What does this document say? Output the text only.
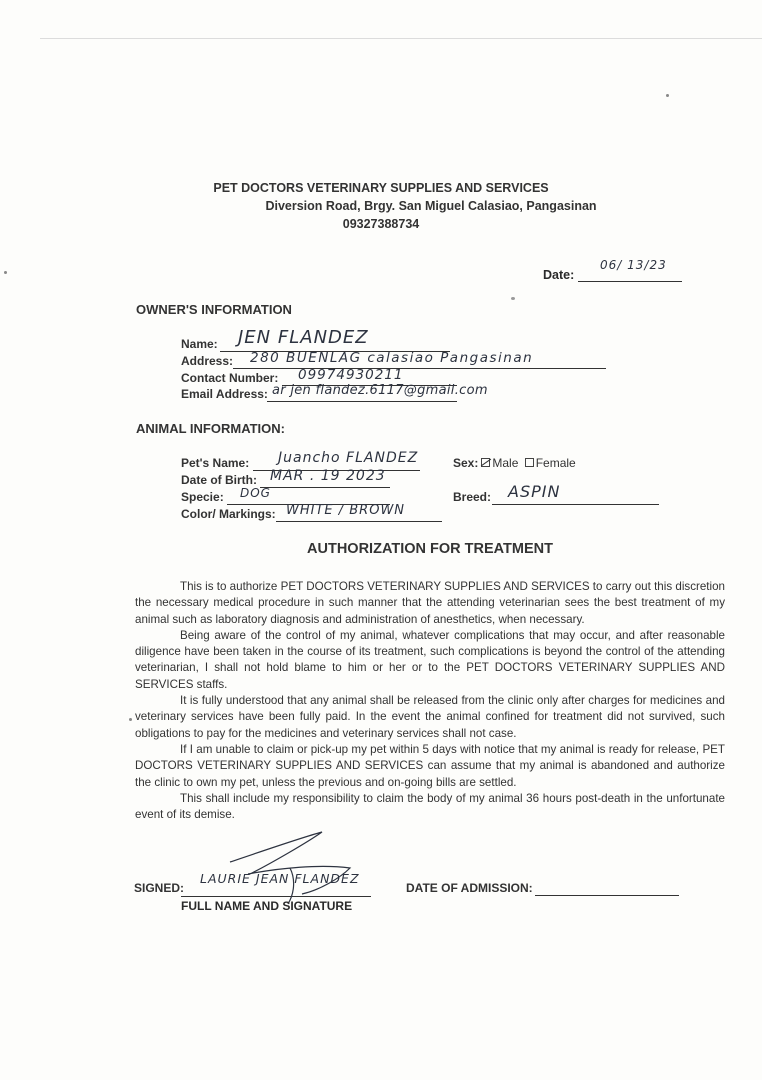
PET DOCTORS VETERINARY SUPPLIES AND SERVICES
Diversion Road, Brgy. San Miguel Calasiao, Pangasinan
09327388734
Date:
06/ 13/23
OWNER'S INFORMATION
Name: JEN FLANDEZ
Address: 280 BUENLAG calasiao Pangasinan
Contact Number: 09974930211
Email Address: ar jen flandez.6117@gmail.com
ANIMAL INFORMATION:
Pet's Name: Juancho FLANDEZ
Date of Birth: MAR . 19 2023
Specie: DOG
Color/ Markings: WHITE / BROWN
Sex: Male Female
Breed: ASPIN
AUTHORIZATION FOR TREATMENT

This is to authorize PET DOCTORS VETERINARY SUPPLIES AND SERVICES to carry out this discretion the necessary medical procedure in such manner that the attending veterinarian sees the best treatment of my animal such as laboratory diagnosis and administration of anesthetics, when necessary.

Being aware of the control of my animal, whatever complications that may occur, and after reasonable diligence have been taken in the course of its treatment, such complications is beyond the control of the attending veterinarian, I shall not hold blame to him or her or to the PET DOCTORS VETERINARY SUPPLIES AND SERVICES staffs.

It is fully understood that any animal shall be released from the clinic only after charges for medicines and veterinary services have been fully paid. In the event the animal confined for treatment did not survived, such obligations to pay for the medicines and veterinary services shall not case.

If I am unable to claim or pick-up my pet within 5 days with notice that my animal is ready for release, PET DOCTORS VETERINARY SUPPLIES AND SERVICES can assume that my animal is abandoned and authorize the clinic to own my pet, unless the previous and on-going bills are settled.

This shall include my responsibility to claim the body of my animal 36 hours post-death in the unfortunate event of its demise.

SIGNED:
LAURIE JEAN FLANDEZ
FULL NAME AND SIGNATURE
DATE OF ADMISSION:
